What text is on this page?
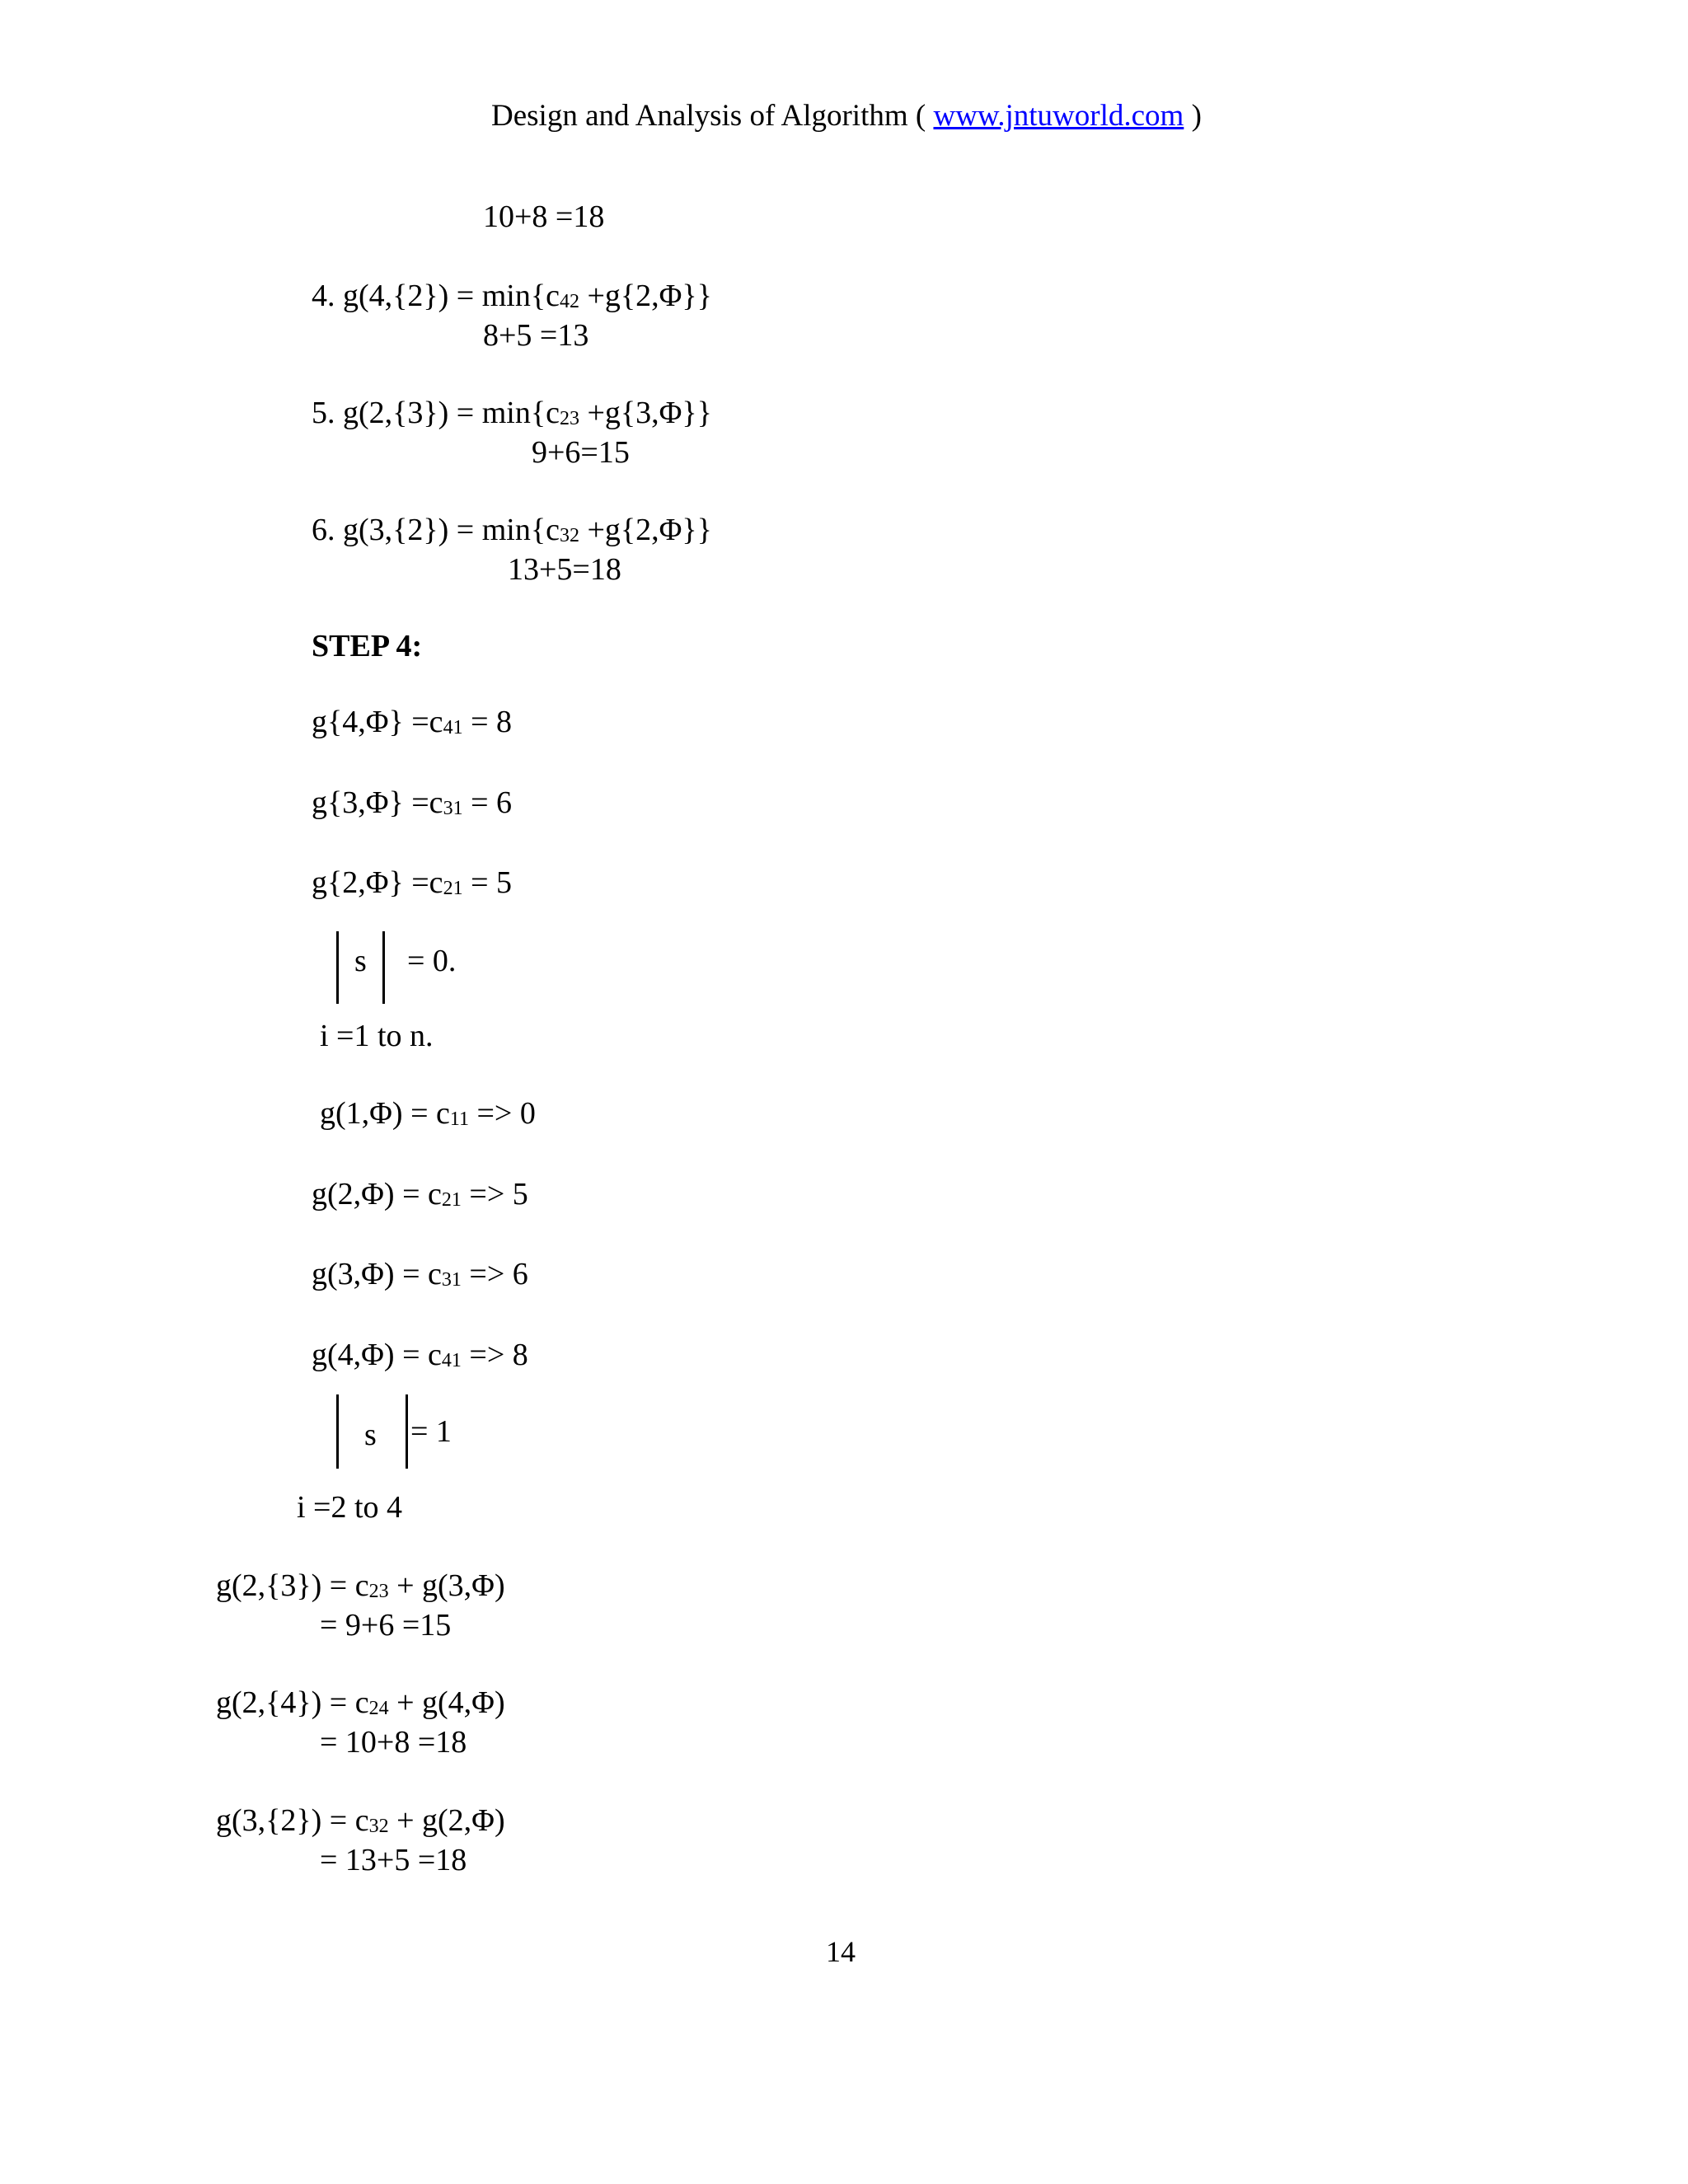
Design and Analysis of Algorithm ( www.jntuworld.com )
10+8 =18
4. g(4,{2}) = min{c42 +g{2,Φ}}
8+5 =13
5. g(2,{3}) = min{c23 +g{3,Φ}}
9+6=15
6. g(3,{2}) = min{c32 +g{2,Φ}}
13+5=18
STEP 4:
g{4,Φ} =c41 = 8
g{3,Φ} =c31 = 6
g{2,Φ} =c21 = 5
s = 0.
i =1 to n.
g(1,Φ) = c11 => 0
g(2,Φ) = c21 => 5
g(3,Φ) = c31 => 6
g(4,Φ) = c41 => 8
s = 1
i =2 to 4
g(2,{3}) = c23 + g(3,Φ)
= 9+6 =15
g(2,{4}) = c24 + g(4,Φ)
= 10+8 =18
g(3,{2}) = c32 + g(2,Φ)
= 13+5 =18
14
